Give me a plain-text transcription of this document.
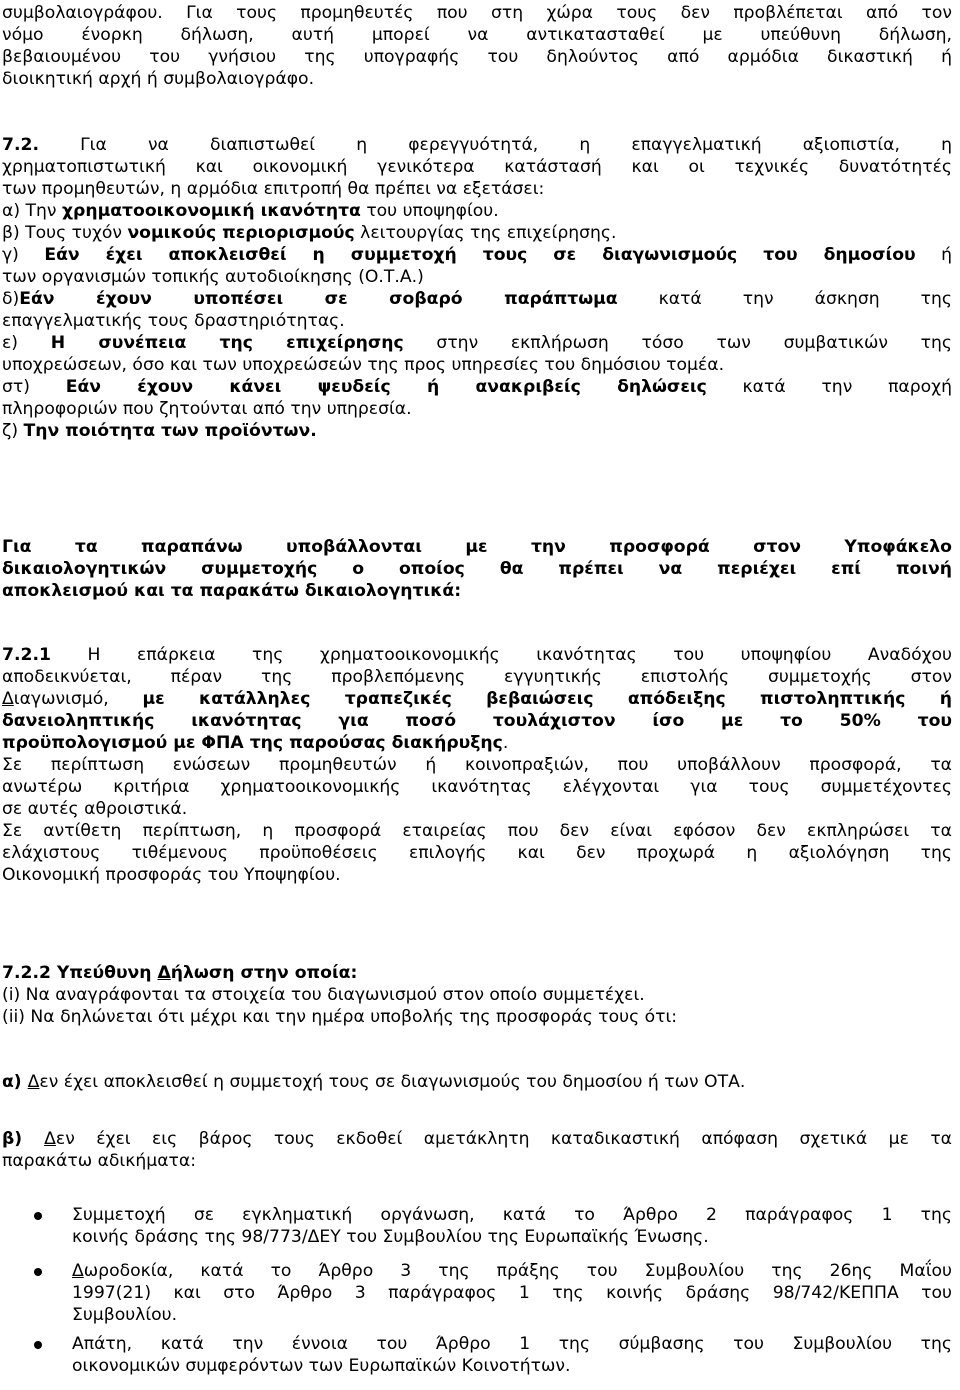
συμβολαιογράφου. Για τους προμηθευτές που στη χώρα τους δεν προβλέπεται από τον
νόμο ένορκη δήλωση, αυτή μπορεί να αντικατασταθεί με υπεύθυνη δήλωση,
βεβαιουμένου του γνήσιου της υπογραφής του δηλούντος από αρμόδια δικαστική ή
διοικητική αρχή ή συμβολαιογράφο.
7.2. Για να διαπιστωθεί η φερεγγυότητά, η επαγγελματική αξιοπιστία, η
χρηματοπιστωτική και οικονομική γενικότερα κατάστασή και οι τεχνικές δυνατότητές
των προμηθευτών, η αρμόδια επιτροπή θα πρέπει να εξετάσει:
α) Την χρηματοοικονομική ικανότητα του υποψηφίου.
β) Τους τυχόν νομικούς περιορισμούς λειτουργίας της επιχείρησης.
γ) Εάν έχει αποκλεισθεί η συμμετοχή τους σε διαγωνισμούς του δημοσίου ή
των οργανισμών τοπικής αυτοδιοίκησης (Ο.Τ.Α.)
δ)Εάν έχουν υποπέσει σε σοβαρό παράπτωμα κατά την άσκηση της
επαγγελματικής τους δραστηριότητας.
ε) Η συνέπεια της επιχείρησης στην εκπλήρωση τόσο των συμβατικών της
υποχρεώσεων, όσο και των υποχρεώσεών της προς υπηρεσίες του δημόσιου τομέα.
στ) Εάν έχουν κάνει ψευδείς ή ανακριβείς δηλώσεις κατά την παροχή
πληροφοριών που ζητούνται από την υπηρεσία.
ζ) Την ποιότητα των προϊόντων.
Για τα παραπάνω υποβάλλονται με την προσφορά στον Υποφάκελο
δικαιολογητικών συμμετοχής ο οποίος θα πρέπει να περιέχει επί ποινή
αποκλεισμού και τα παρακάτω δικαιολογητικά:
7.2.1 Η επάρκεια της χρηματοοικονομικής ικανότητας του υποψηφίου Αναδόχου
αποδεικνύεται, πέραν της προβλεπόμενης εγγυητικής επιστολής συμμετοχής στον
Διαγωνισμό, με κατάλληλες τραπεζικές βεβαιώσεις απόδειξης πιστοληπτικής ή
δανειοληπτικής ικανότητας για ποσό τουλάχιστον ίσο με το 50% του
προϋπολογισμού με ΦΠΑ της παρούσας διακήρυξης.
Σε περίπτωση ενώσεων προμηθευτών ή κοινοπραξιών, που υποβάλλουν προσφορά, τα
ανωτέρω κριτήρια χρηματοοικονομικής ικανότητας ελέγχονται για τους συμμετέχοντες
σε αυτές αθροιστικά.
Σε αντίθετη περίπτωση, η προσφορά εταιρείας που δεν είναι εφόσον δεν εκπληρώσει τα
ελάχιστους τιθέμενους προϋποθέσεις επιλογής και δεν προχωρά η αξιολόγηση της
Οικονομική προσφοράς του Υποψηφίου.
7.2.2 Υπεύθυνη Δήλωση στην οποία:
(i) Να αναγράφονται τα στοιχεία του διαγωνισμού στον οποίο συμμετέχει.
(ii) Να δηλώνεται ότι μέχρι και την ημέρα υποβολής της προσφοράς τους ότι:
α) Δεν έχει αποκλεισθεί η συμμετοχή τους σε διαγωνισμούς του δημοσίου ή των ΟΤΑ.
β) Δεν έχει εις βάρος τους εκδοθεί αμετάκλητη καταδικαστική απόφαση σχετικά με τα
παρακάτω αδικήματα:
Συμμετοχή σε εγκληματική οργάνωση, κατά το Άρθρο 2 παράγραφος 1 της
κοινής δράσης της 98/773/ΔΕΥ του Συμβουλίου της Ευρωπαϊκής Ένωσης.
Δωροδοκία, κατά το Άρθρο 3 της πράξης του Συμβουλίου της 26ης Μαΐου
1997(21) και στο Άρθρο 3 παράγραφος 1 της κοινής δράσης 98/742/ΚΕΠΠΑ του
Συμβουλίου.
Απάτη, κατά την έννοια του Άρθρο 1 της σύμβασης του Συμβουλίου της
οικονομικών συμφερόντων των Ευρωπαϊκών Κοινοτήτων.
